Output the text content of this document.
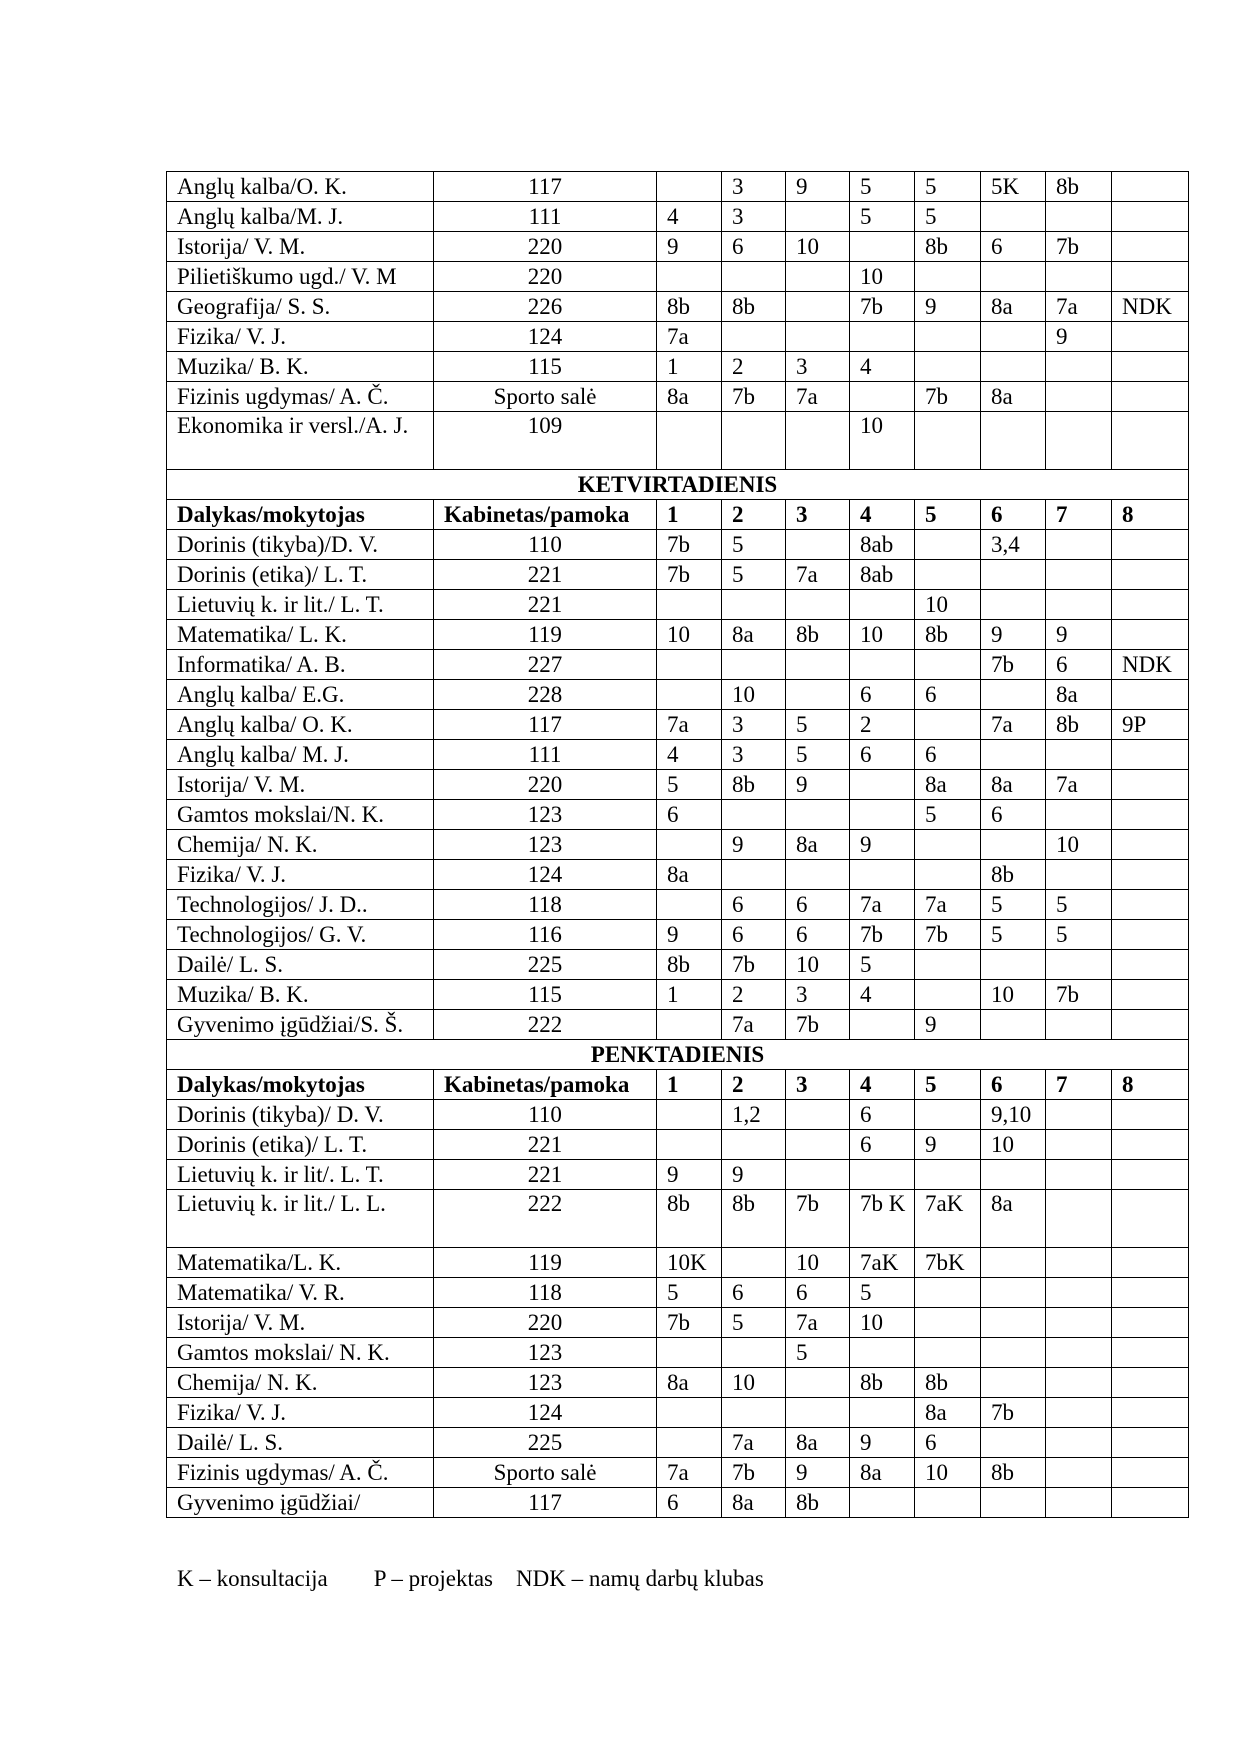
Anglų kalba/O. K.	117		3	9	5	5	5K	8b	
Anglų kalba/M. J.	111	4	3		5	5			
Istorija/ V. M.	220	9	6	10		8b	6	7b	
Pilietiškumo ugd./ V. M	220				10				
Geografija/ S. S.	226	8b	8b		7b	9	8a	7a	NDK
Fizika/ V. J.	124	7a						9	
Muzika/ B. K.	115	1	2	3	4				
Fizinis ugdymas/ A. Č.	Sporto salė	8a	7b	7a		7b	8a		
Ekonomika ir versl./A. J.	109				10				
KETVIRTADIENIS									
Dalykas/mokytojas	Kabinetas/pamoka	1	2	3	4	5	6	7	8
Dorinis (tikyba)/D. V.	110	7b	5		8ab		3,4		
Dorinis (etika)/ L. T.	221	7b	5	7a	8ab				
Lietuvių k. ir lit./ L. T.	221					10			
Matematika/ L. K.	119	10	8a	8b	10	8b	9	9	
Informatika/ A. B.	227						7b	6	NDK
Anglų kalba/ E.G.	228		10		6	6		8a	
Anglų kalba/ O. K.	117	7a	3	5	2		7a	8b	9P
Anglų kalba/ M. J.	111	4	3	5	6	6			
Istorija/ V. M.	220	5	8b	9		8a	8a	7a	
Gamtos mokslai/N. K.	123	6				5	6		
Chemija/ N. K.	123		9	8a	9			10	
Fizika/ V. J.	124	8a					8b		
Technologijos/ J. D..	118		6	6	7a	7a	5	5	
Technologijos/ G. V.	116	9	6	6	7b	7b	5	5	
Dailė/ L. S.	225	8b	7b	10	5				
Muzika/ B. K.	115	1	2	3	4		10	7b	
Gyvenimo įgūdžiai/S. Š.	222		7a	7b		9			
PENKTADIENIS									
Dalykas/mokytojas	Kabinetas/pamoka	1	2	3	4	5	6	7	8
Dorinis (tikyba)/ D. V.	110		1,2		6		9,10		
Dorinis (etika)/ L. T.	221				6	9	10		
Lietuvių k. ir lit/. L. T.	221	9	9						
Lietuvių k. ir lit./ L. L.	222	8b	8b	7b	7b K	7aK	8a		
Matematika/L. K.	119	10K		10	7aK	7bK			
Matematika/ V. R.	118	5	6	6	5				
Istorija/ V. M.	220	7b	5	7a	10				
Gamtos mokslai/ N. K.	123			5					
Chemija/ N. K.	123	8a	10		8b	8b			
Fizika/ V. J.	124					8a	7b		
Dailė/ L. S.	225		7a	8a	9	6			
Fizinis ugdymas/ A. Č.	Sporto salė	7a	7b	9	8a	10	8b		
Gyvenimo įgūdžiai/	117	6	8a	8b					
K – konsultacija        P – projektas    NDK – namų darbų klubas
